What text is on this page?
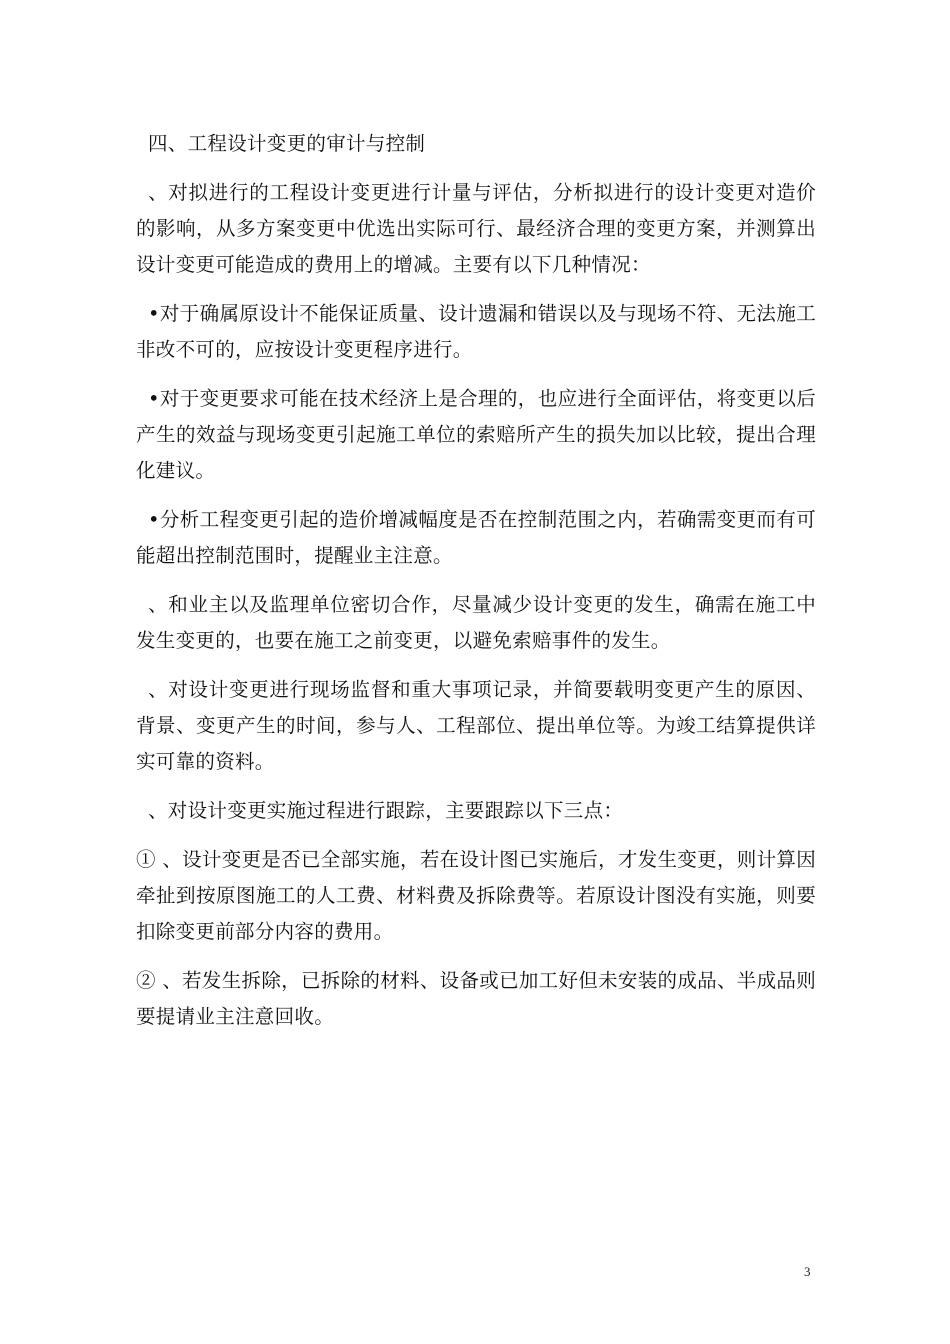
四、工程设计变更的审计与控制

、对拟进行的工程设计变更进行计量与评估，分析拟进行的设计变更对造价的影响，从多方案变更中优选出实际可行、最经济合理的变更方案，并测算出设计变更可能造成的费用上的增减。主要有以下几种情况：

•对于确属原设计不能保证质量、设计遗漏和错误以及与现场不符、无法施工非改不可的，应按设计变更程序进行。

•对于变更要求可能在技术经济上是合理的，也应进行全面评估，将变更以后产生的效益与现场变更引起施工单位的索赔所产生的损失加以比较，提出合理化建议。

•分析工程变更引起的造价增减幅度是否在控制范围之内，若确需变更而有可能超出控制范围时，提醒业主注意。

、和业主以及监理单位密切合作，尽量减少设计变更的发生，确需在施工中发生变更的，也要在施工之前变更，以避免索赔事件的发生。

、对设计变更进行现场监督和重大事项记录，并简要载明变更产生的原因、背景、变更产生的时间，参与人、工程部位、提出单位等。为竣工结算提供详实可靠的资料。

、对设计变更实施过程进行跟踪，主要跟踪以下三点：

① 、设计变更是否已全部实施，若在设计图已实施后，才发生变更，则计算因牵扯到按原图施工的人工费、材料费及拆除费等。若原设计图没有实施，则要扣除变更前部分内容的费用。

② 、若发生拆除，已拆除的材料、设备或已加工好但未安装的成品、半成品则要提请业主注意回收。

3
